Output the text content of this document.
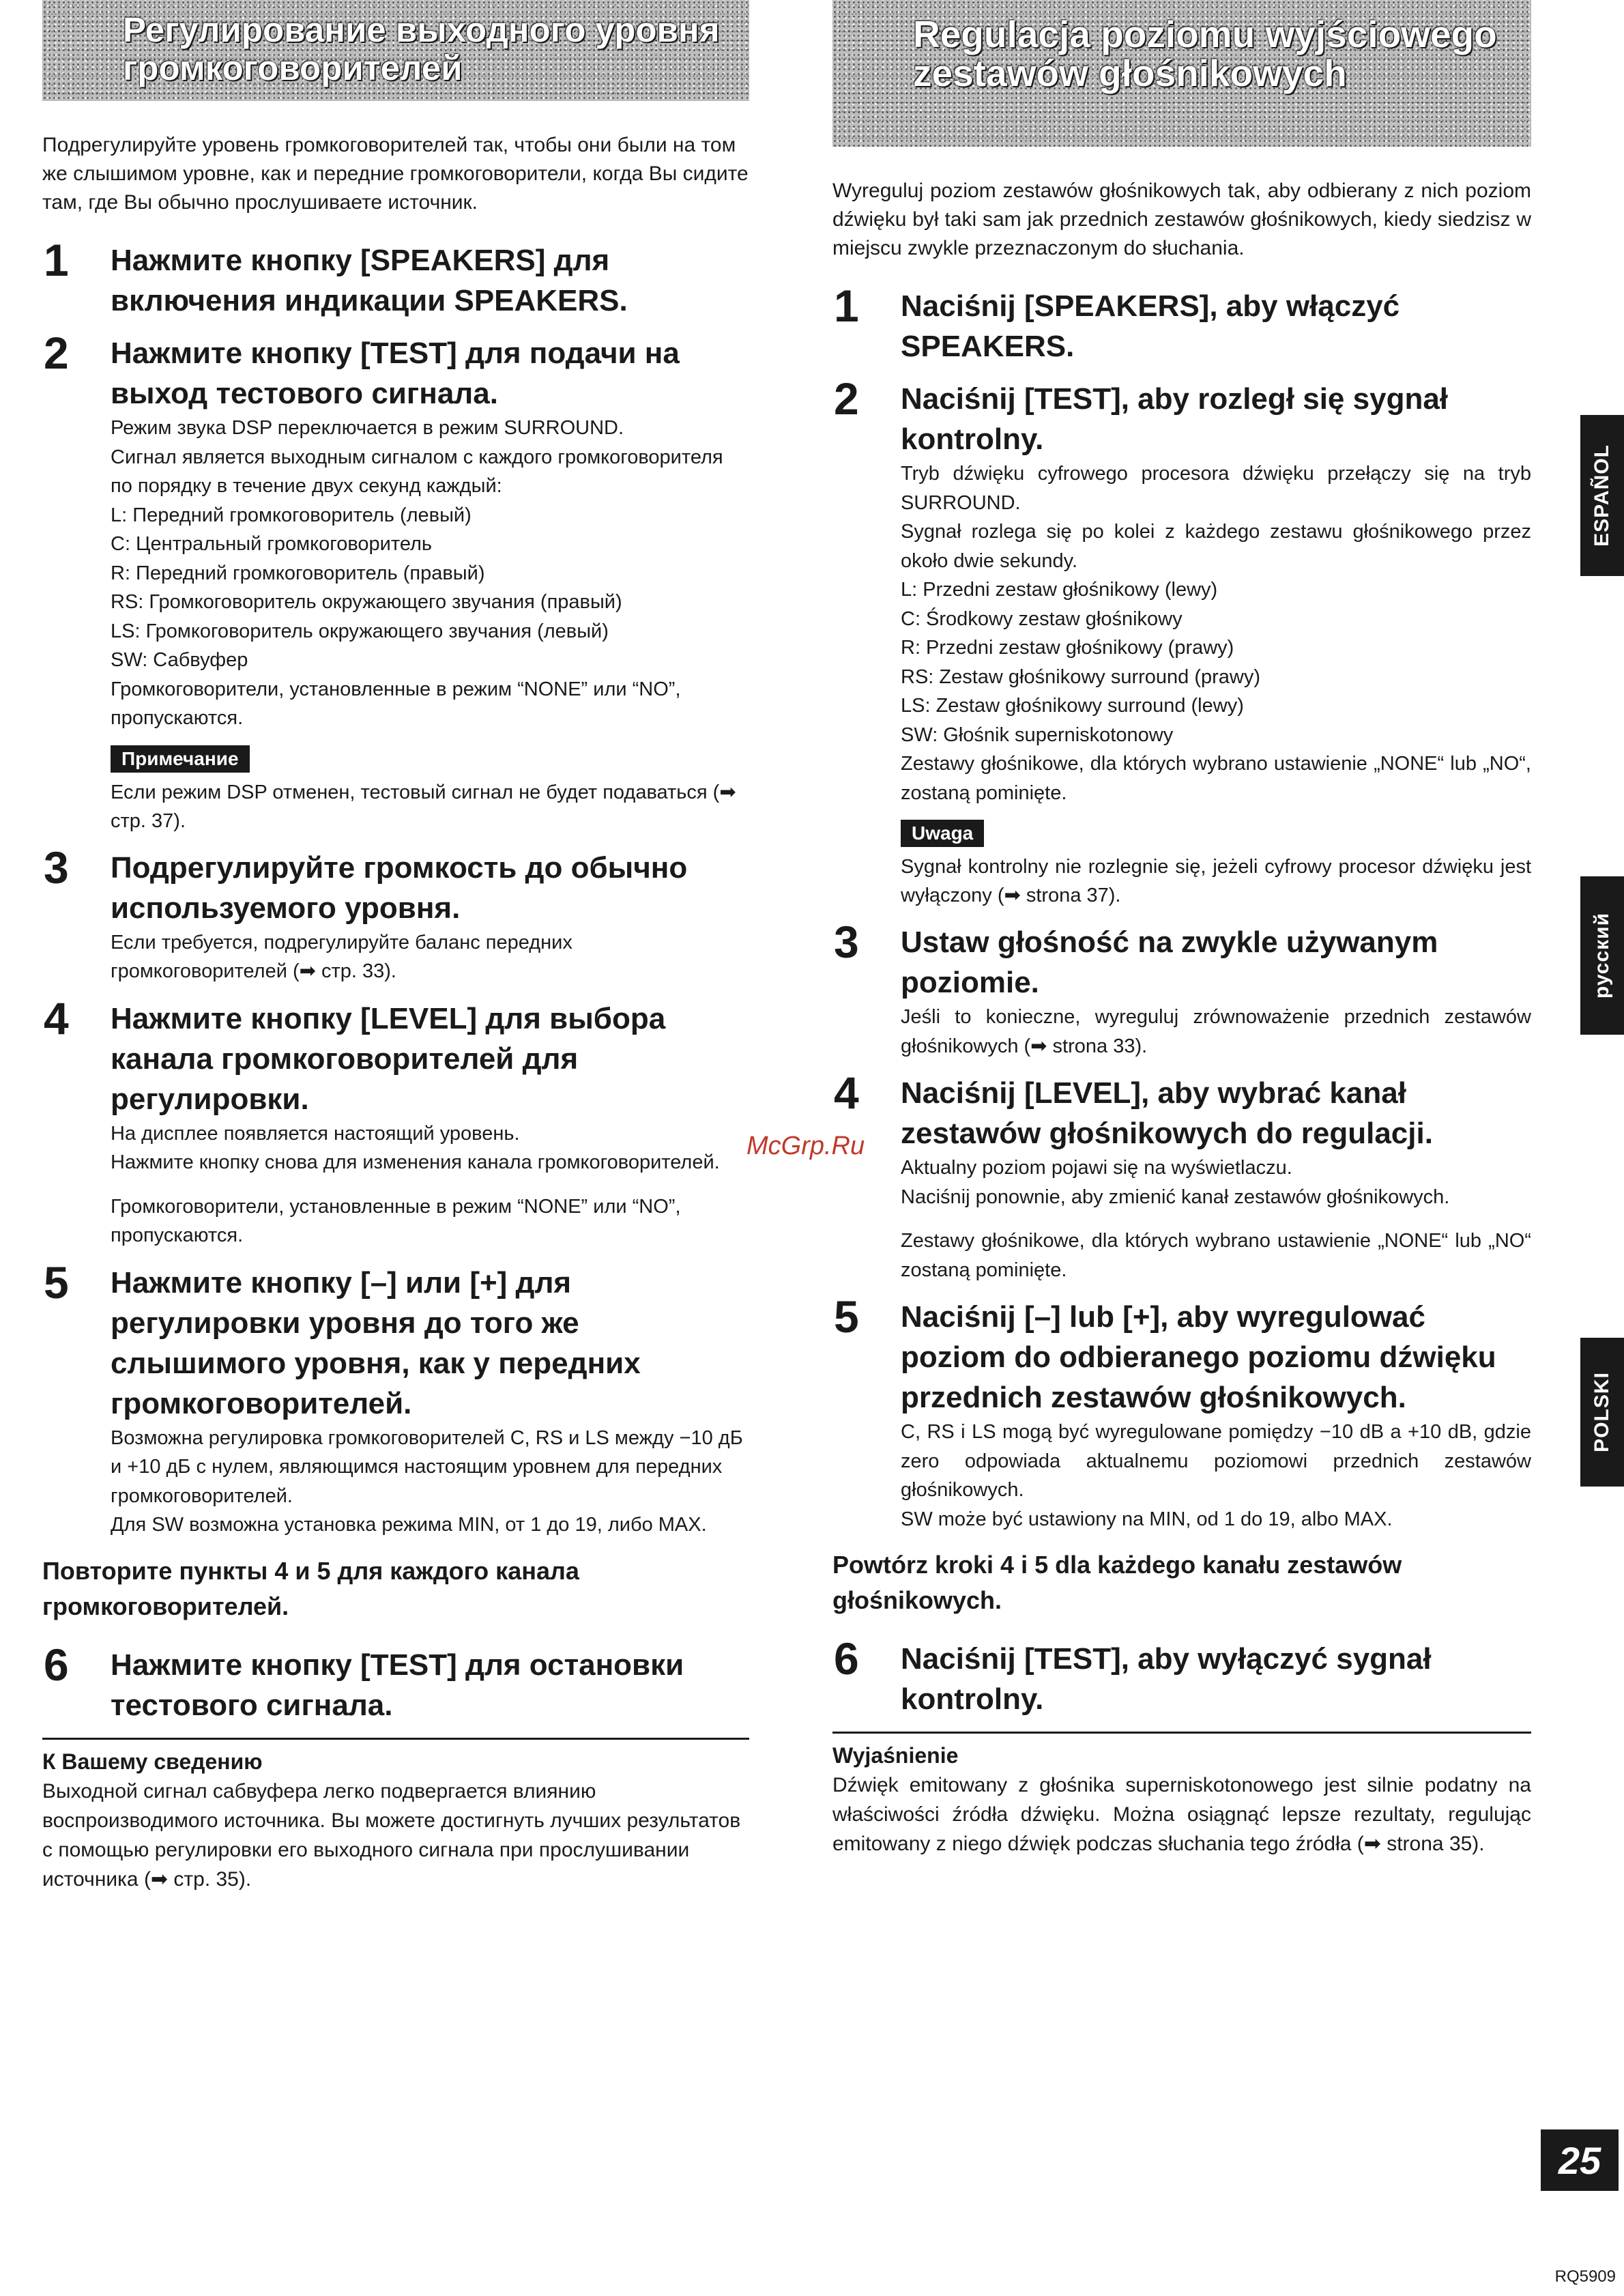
Регулирование выходного уровня громкоговорителей
Подрегулируйте уровень громкоговорителей так, чтобы они были на том же слышимом уровне, как и передние громкоговорители, когда Вы сидите там, где Вы обычно прослушиваете источник.
1 Нажмите кнопку [SPEAKERS] для включения индикации SPEAKERS.
2 Нажмите кнопку [TEST] для подачи на выход тестового сигнала.

Режим звука DSP переключается в режим SURROUND.

Сигнал является выходным сигналом с каждого громкоговорителя по порядку в течение двух секунд каждый:

L: Передний громкоговоритель (левый)

C: Центральный громкоговоритель

R: Передний громкоговоритель (правый)

RS: Громкоговоритель окружающего звучания (правый)

LS: Громкоговоритель окружающего звучания (левый)

SW: Сабвуфер

Громкоговорители, установленные в режим “NONE” или “NO”, пропускаются.

Примечание
Если режим DSP отменен, тестовый сигнал не будет подаваться (➡ стр. 37).
3 Подрегулируйте громкость до обычно используемого уровня.

Если требуется, подрегулируйте баланс передних громкоговорителей (➡ стр. 33).

4 Нажмите кнопку [LEVEL] для выбора канала громкоговорителей для регулировки.

На дисплее появляется настоящий уровень.

Нажмите кнопку снова для изменения канала громкоговорителей.

Громкоговорители, установленные в режим “NONE” или “NO”, пропускаются.

5 Нажмите кнопку [–] или [+] для регулировки уровня до того же слышимого уровня, как у передних громкоговорителей.

Возможна регулировка громкоговорителей C, RS и LS между −10 дБ и +10 дБ с нулем, являющимся настоящим уровнем для передних громкоговорителей.

Для SW возможна установка режима MIN, от 1 до 19, либо MAX.

Повторите пункты 4 и 5 для каждого канала громкоговорителей.
6 Нажмите кнопку [TEST] для остановки тестового сигнала.
К Вашему сведению
Выходной сигнал сабвуфера легко подвергается влиянию воспроизводимого источника. Вы можете достигнуть лучших результатов с помощью регулировки его выходного сигнала при прослушивании источника (➡ стр. 35).
Regulacja poziomu wyjściowego zestawów głośnikowych
Wyreguluj poziom zestawów głośnikowych tak, aby odbierany z nich poziom dźwięku był taki sam jak przednich zestawów głośnikowych, kiedy siedzisz w miejscu zwykle przeznaczonym do słuchania.
1 Naciśnij [SPEAKERS], aby włączyć SPEAKERS.
2 Naciśnij [TEST], aby rozległ się sygnał kontrolny.

Tryb dźwięku cyfrowego procesora dźwięku przełączy się na tryb SURROUND.

Sygnał rozlega się po kolei z każdego zestawu głośnikowego przez około dwie sekundy.

L: Przedni zestaw głośnikowy (lewy)

C: Środkowy zestaw głośnikowy

R: Przedni zestaw głośnikowy (prawy)

RS: Zestaw głośnikowy surround (prawy)

LS: Zestaw głośnikowy surround (lewy)

SW: Głośnik superniskotonowy

Zestawy głośnikowe, dla których wybrano ustawienie „NONE“ lub „NO“, zostaną pominięte.

Uwaga
Sygnał kontrolny nie rozlegnie się, jeżeli cyfrowy procesor dźwięku jest wyłączony (➡ strona 37).
3 Ustaw głośność na zwykle używanym poziomie.

Jeśli to konieczne, wyreguluj zrównoważenie przednich zestawów głośnikowych (➡ strona 33).

4 Naciśnij [LEVEL], aby wybrać kanał zestawów głośnikowych do regulacji.

Aktualny poziom pojawi się na wyświetlaczu.

Naciśnij ponownie, aby zmienić kanał zestawów głośnikowych.

Zestawy głośnikowe, dla których wybrano ustawienie „NONE“ lub „NO“ zostaną pominięte.

5 Naciśnij [–] lub [+], aby wyregulować poziom do odbieranego poziomu dźwięku przednich zestawów głośnikowych.

C, RS i LS mogą być wyregulowane pomiędzy −10 dB a +10 dB, gdzie zero odpowiada aktualnemu poziomowi przednich zestawów głośnikowych.

SW może być ustawiony na MIN, od 1 do 19, albo MAX.

Powtórz kroki 4 i 5 dla każdego kanału zestawów głośnikowych.
6 Naciśnij [TEST], aby wyłączyć sygnał kontrolny.
Wyjaśnienie
Dźwięk emitowany z głośnika superniskotonowego jest silnie podatny na właściwości źródła dźwięku. Można osiągnąć lepsze rezultaty, regulując emitowany z niego dźwięk podczas słuchania tego źródła (➡ strona 35).
ESPAÑOL
русский
POLSKI
McGrp.Ru
25
RQ5909
